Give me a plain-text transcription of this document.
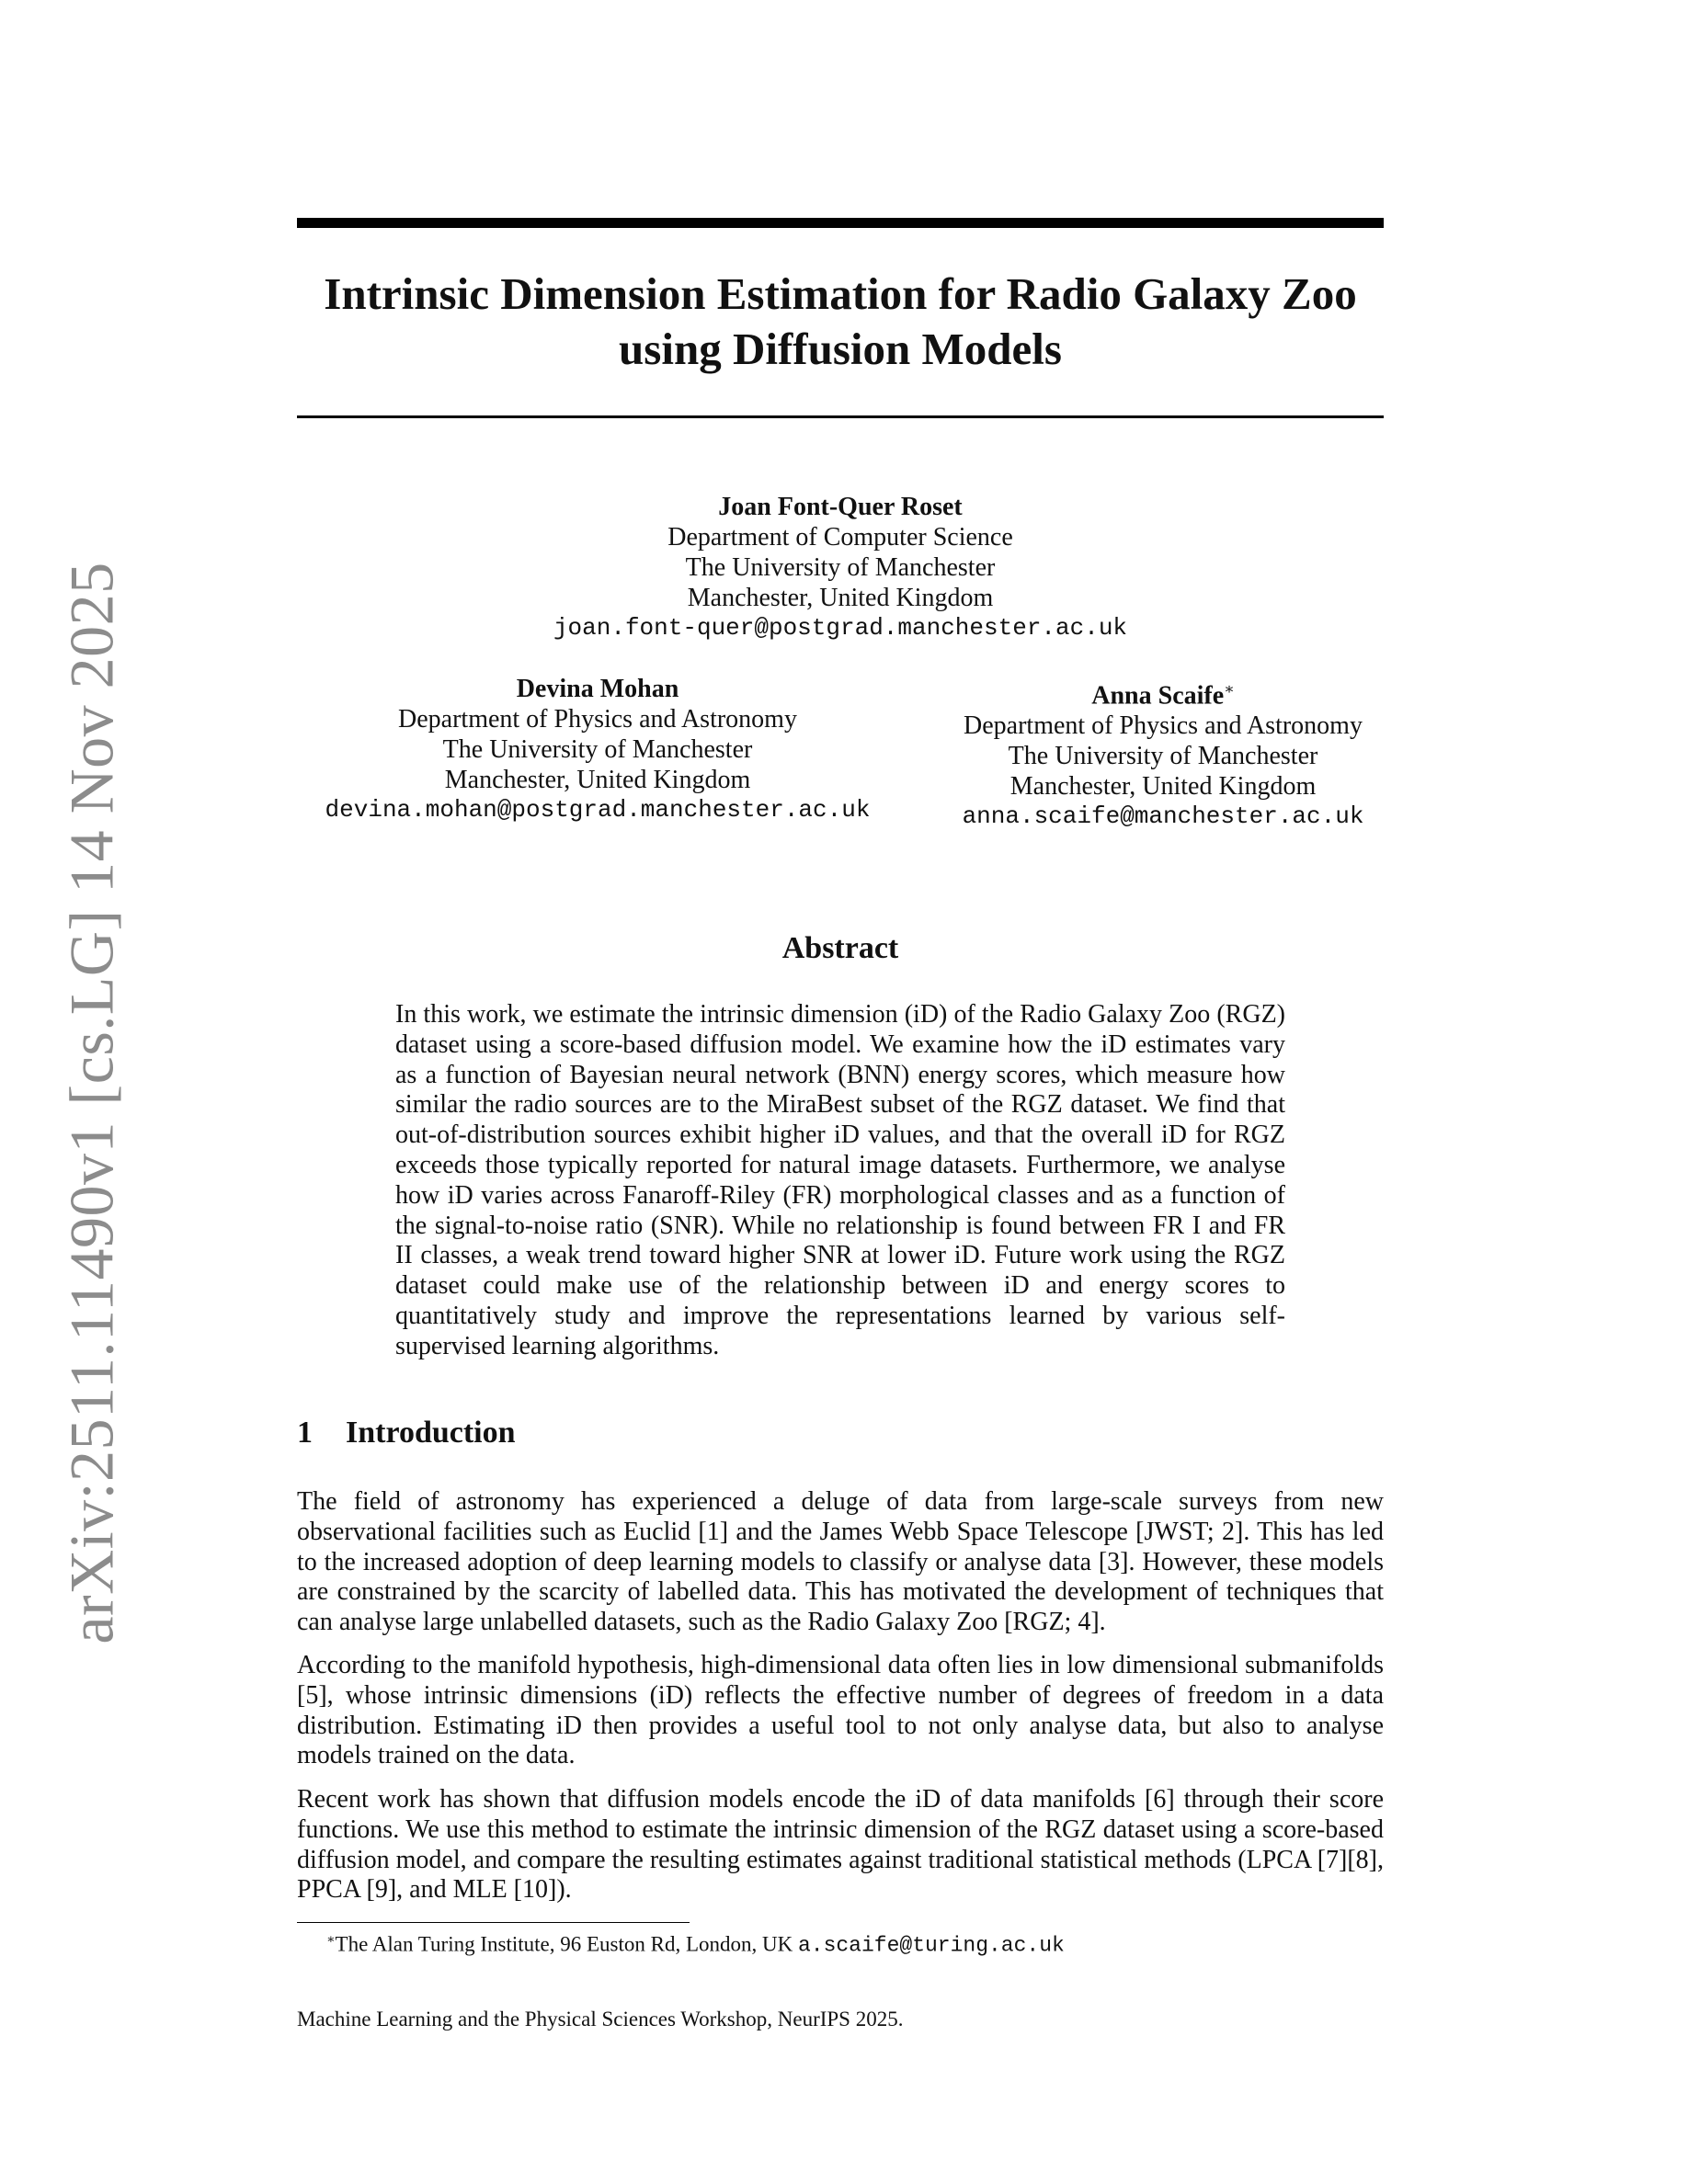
arXiv:2511.11490v1 [cs.LG] 14 Nov 2025
Intrinsic Dimension Estimation for Radio Galaxy Zoo using Diffusion Models
Joan Font-Quer Roset
Department of Computer Science
The University of Manchester
Manchester, United Kingdom
joan.font-quer@postgrad.manchester.ac.uk
Devina Mohan
Department of Physics and Astronomy
The University of Manchester
Manchester, United Kingdom
devina.mohan@postgrad.manchester.ac.uk
Anna Scaife∗
Department of Physics and Astronomy
The University of Manchester
Manchester, United Kingdom
anna.scaife@manchester.ac.uk
Abstract

In this work, we estimate the intrinsic dimension (iD) of the Radio Galaxy Zoo (RGZ) dataset using a score-based diffusion model. We examine how the iD estimates vary as a function of Bayesian neural network (BNN) energy scores, which measure how similar the radio sources are to the MiraBest subset of the RGZ dataset. We find that out-of-distribution sources exhibit higher iD values, and that the overall iD for RGZ exceeds those typically reported for natural image datasets. Furthermore, we analyse how iD varies across Fanaroff-Riley (FR) morphological classes and as a function of the signal-to-noise ratio (SNR). While no relationship is found between FR I and FR II classes, a weak trend toward higher SNR at lower iD. Future work using the RGZ dataset could make use of the relationship between iD and energy scores to quantitatively study and improve the representations learned by various self-supervised learning algorithms.

1 Introduction

The field of astronomy has experienced a deluge of data from large-scale surveys from new observational facilities such as Euclid [1] and the James Webb Space Telescope [JWST; 2]. This has led to the increased adoption of deep learning models to classify or analyse data [3]. However, these models are constrained by the scarcity of labelled data. This has motivated the development of techniques that can analyse large unlabelled datasets, such as the Radio Galaxy Zoo [RGZ; 4].

According to the manifold hypothesis, high-dimensional data often lies in low dimensional submanifolds [5], whose intrinsic dimensions (iD) reflects the effective number of degrees of freedom in a data distribution. Estimating iD then provides a useful tool to not only analyse data, but also to analyse models trained on the data.

Recent work has shown that diffusion models encode the iD of data manifolds [6] through their score functions. We use this method to estimate the intrinsic dimension of the RGZ dataset using a score-based diffusion model, and compare the resulting estimates against traditional statistical methods (LPCA [7][8], PPCA [9], and MLE [10]).

∗The Alan Turing Institute, 96 Euston Rd, London, UK a.scaife@turing.ac.uk
Machine Learning and the Physical Sciences Workshop, NeurIPS 2025.
